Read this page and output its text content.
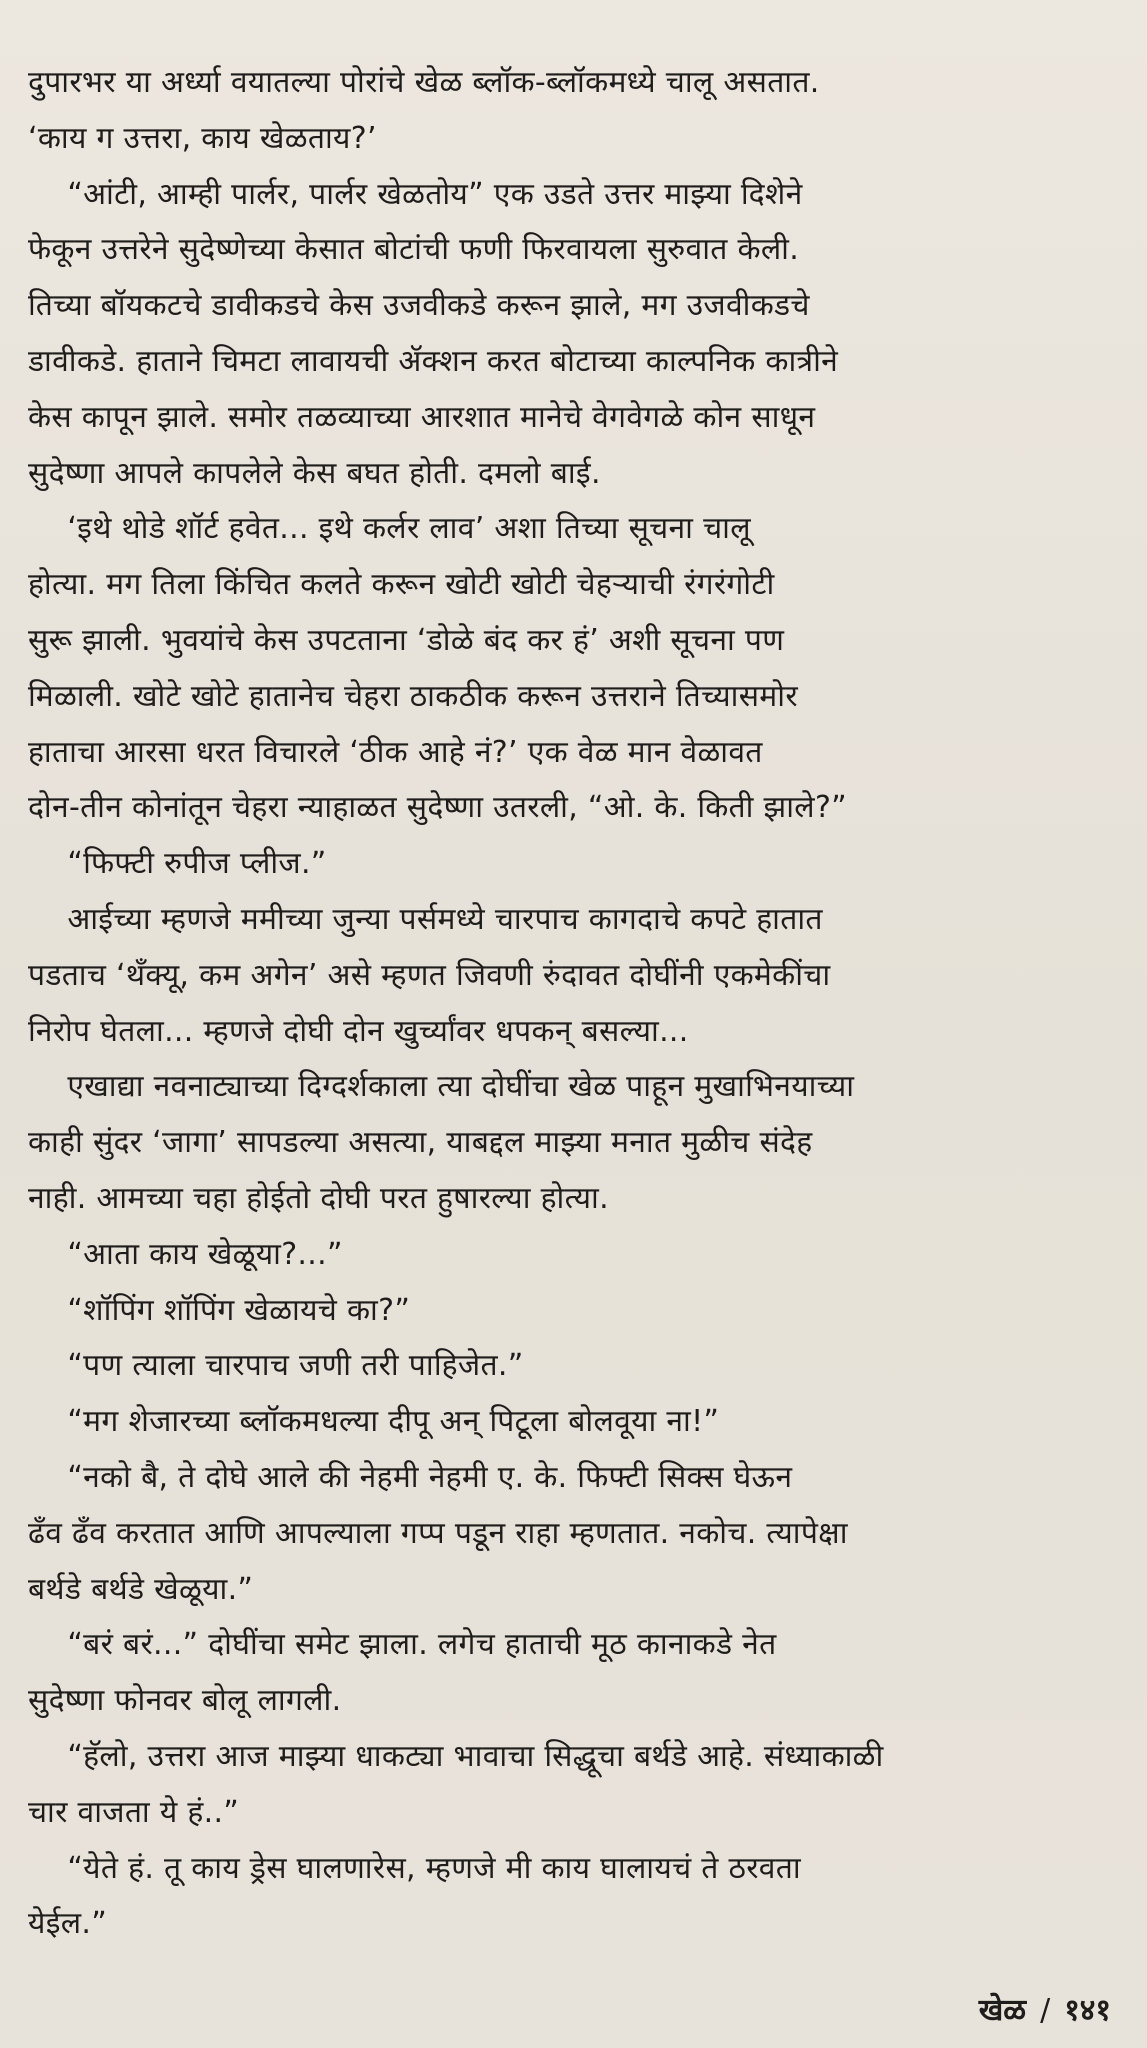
दुपारभर या अर्ध्या वयातल्या पोरांचे खेळ ब्लॉक-ब्लॉकमध्ये चालू असतात.
‘काय ग उत्तरा, काय खेळताय?’
“आंटी, आम्ही पार्लर, पार्लर खेळतोय” एक उडते उत्तर माझ्या दिशेने
फेकून उत्तरेने सुदेष्णेच्या केसात बोटांची फणी फिरवायला सुरुवात केली.
तिच्या बॉयकटचे डावीकडचे केस उजवीकडे करून झाले, मग उजवीकडचे
डावीकडे. हाताने चिमटा लावायची ॲक्शन करत बोटाच्या काल्पनिक कात्रीने
केस कापून झाले. समोर तळव्याच्या आरशात मानेचे वेगवेगळे कोन साधून
सुदेष्णा आपले कापलेले केस बघत होती. दमलो बाई.
‘इथे थोडे शॉर्ट हवेत... इथे कर्लर लाव’ अशा तिच्या सूचना चालू
होत्या. मग तिला किंचित कलते करून खोटी खोटी चेहऱ्याची रंगरंगोटी
सुरू झाली. भुवयांचे केस उपटताना ‘डोळे बंद कर हं’ अशी सूचना पण
मिळाली. खोटे खोटे हातानेच चेहरा ठाकठीक करून उत्तराने तिच्यासमोर
हाताचा आरसा धरत विचारले ‘ठीक आहे नं?’ एक वेळ मान वेळावत
दोन-तीन कोनांतून चेहरा न्याहाळत सुदेष्णा उतरली, “ओ. के. किती झाले?”
“फिफ्टी रुपीज प्लीज.”
आईच्या म्हणजे ममीच्या जुन्या पर्समध्ये चारपाच कागदाचे कपटे हातात
पडताच ‘थँक्यू, कम अगेन’ असे म्हणत जिवणी रुंदावत दोघींनी एकमेकींचा
निरोप घेतला... म्हणजे दोघी दोन खुर्च्यांवर धपकन् बसल्या...
एखाद्या नवनाट्याच्या दिग्दर्शकाला त्या दोघींचा खेळ पाहून मुखाभिनयाच्या
काही सुंदर ‘जागा’ सापडल्या असत्या, याबद्दल माझ्या मनात मुळीच संदेह
नाही. आमच्या चहा होईतो दोघी परत हुषारल्या होत्या.
“आता काय खेळूया?...”
“शॉपिंग शॉपिंग खेळायचे का?”
“पण त्याला चारपाच जणी तरी पाहिजेत.”
“मग शेजारच्या ब्लॉकमधल्या दीपू अन् पिटूला बोलवूया ना!”
“नको बै, ते दोघे आले की नेहमी नेहमी ए. के. फिफ्टी सिक्स घेऊन
ढँव ढँव करतात आणि आपल्याला गप्प पडून राहा म्हणतात. नकोच. त्यापेक्षा
बर्थडे बर्थडे खेळूया.”
“बरं बरं...” दोघींचा समेट झाला. लगेच हाताची मूठ कानाकडे नेत
सुदेष्णा फोनवर बोलू लागली.
“हॅलो, उत्तरा आज माझ्या धाकट्या भावाचा सिद्धूचा बर्थडे आहे. संध्याकाळी
चार वाजता ये हं..”
“येते हं. तू काय ड्रेस घालणारेस, म्हणजे मी काय घालायचं ते ठरवता
येईल.”
खेळ / १४१
